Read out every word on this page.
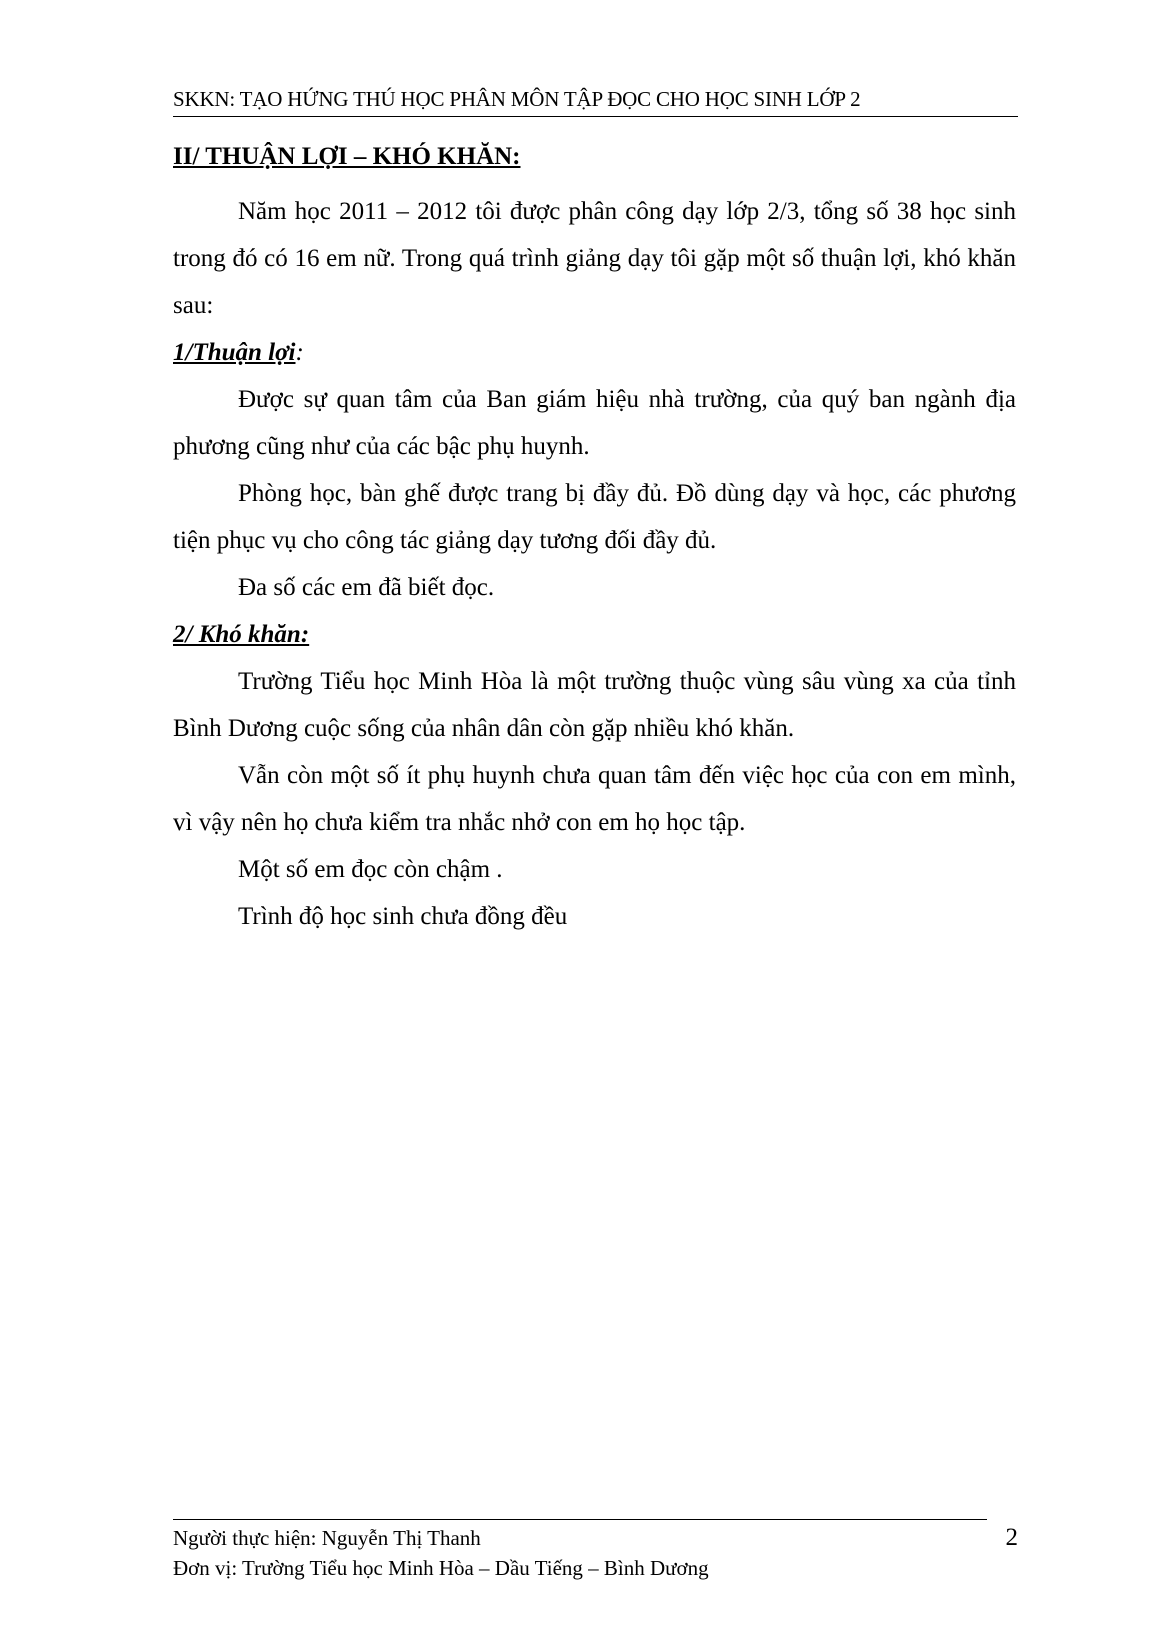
SKKN: TẠO HỨNG THÚ HỌC PHÂN MÔN TẬP ĐỌC CHO HỌC SINH LỚP 2

II/ THUẬN LỢI – KHÓ KHĂN:

Năm học 2011 – 2012 tôi được phân công dạy lớp 2/3, tổng số 38 học sinh trong đó có 16 em nữ. Trong quá trình giảng dạy tôi gặp một số thuận lợi, khó khăn sau:

1/Thuận lợi:

Được sự quan tâm của Ban giám hiệu nhà trường, của quý ban ngành địa phương cũng như của các bậc phụ huynh.

Phòng học, bàn ghế được trang bị đầy đủ. Đồ dùng dạy và học, các phương tiện phục vụ cho công tác giảng dạy tương đối đầy đủ.

Đa số các em đã biết đọc.

2/ Khó khăn:

Trường Tiểu học Minh Hòa là một trường thuộc vùng sâu vùng xa của tỉnh Bình Dương cuộc sống của nhân dân còn gặp nhiều khó khăn.

Vẫn còn một số ít phụ huynh chưa quan tâm đến việc học của con em mình, vì vậy nên họ chưa kiểm tra nhắc nhở con em họ học tập.

Một số em đọc còn chậm .

Trình độ học sinh chưa đồng đều

Người thực hiện: Nguyễn Thị Thanh
Đơn vị: Trường Tiểu học Minh Hòa – Dầu Tiếng – Bình Dương
2
